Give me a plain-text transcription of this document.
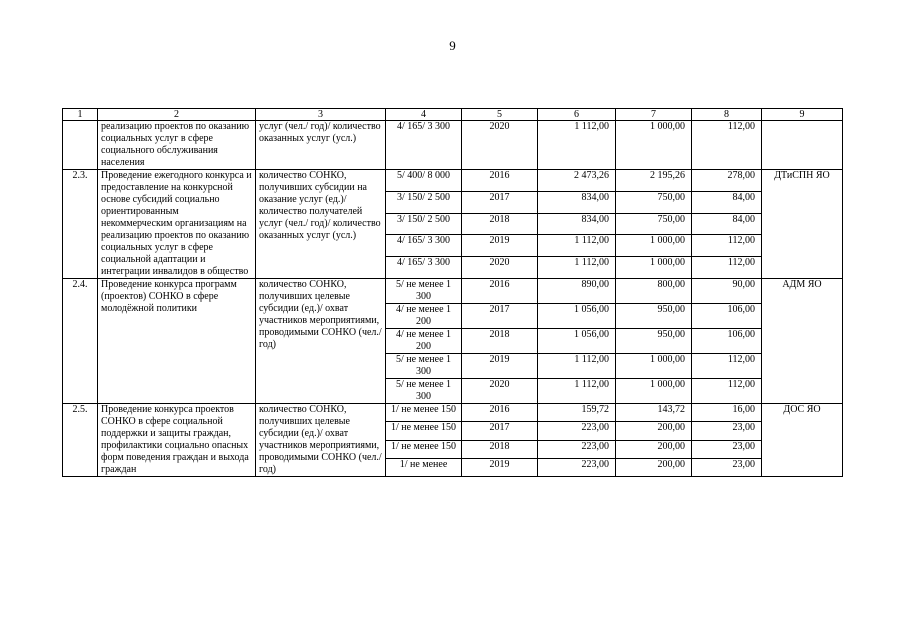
9
1	2	3	4	5	6	7	8	9
	реализацию проектов по оказанию социальных услуг в сфере социального обслуживания населения	услуг (чел./ год)/ количество оказанных услуг (усл.)	4/ 165/ 3 300	2020	1 112,00	1 000,00	112,00	
2.3.	Проведение ежегодного конкурса и предоставление на конкурсной основе субсидий социально ориентированным некоммерческим организациям на реализацию проектов по оказанию социальных услуг в сфере социальной адаптации и интеграции инвалидов в общество	количество СОНКО, получивших субсидии на оказание услуг (ед.)/ количество получателей услуг (чел./ год)/ количество оказанных услуг (усл.)	5/ 400/ 8 000	2016	2 473,26	2 195,26	278,00	ДТиСПН ЯО
			3/ 150/ 2 500	2017	834,00	750,00	84,00	
			3/ 150/ 2 500	2018	834,00	750,00	84,00	
			4/ 165/ 3 300	2019	1 112,00	1 000,00	112,00	
			4/ 165/ 3 300	2020	1 112,00	1 000,00	112,00	
2.4.	Проведение конкурса программ (проектов) СОНКО в сфере молодёжной политики	количество СОНКО, получивших целевые субсидии (ед.)/ охват участников мероприятиями, проводимыми СОНКО (чел./ год)	5/ не менее 1 300	2016	890,00	800,00	90,00	АДМ ЯО
			4/ не менее 1 200	2017	1 056,00	950,00	106,00	
			4/ не менее 1 200	2018	1 056,00	950,00	106,00	
			5/ не менее 1 300	2019	1 112,00	1 000,00	112,00	
			5/ не менее 1 300	2020	1 112,00	1 000,00	112,00	
2.5.	Проведение конкурса проектов СОНКО в сфере социальной поддержки и защиты граждан, профилактики социально опасных форм поведения граждан и выхода граждан	количество СОНКО, получивших целевые субсидии (ед.)/ охват участников мероприятиями, проводимыми СОНКО (чел./ год)	1/ не менее 150	2016	159,72	143,72	16,00	ДОС ЯО
			1/ не менее 150	2017	223,00	200,00	23,00	
			1/ не менее 150	2018	223,00	200,00	23,00	
			1/ не менее	2019	223,00	200,00	23,00	
